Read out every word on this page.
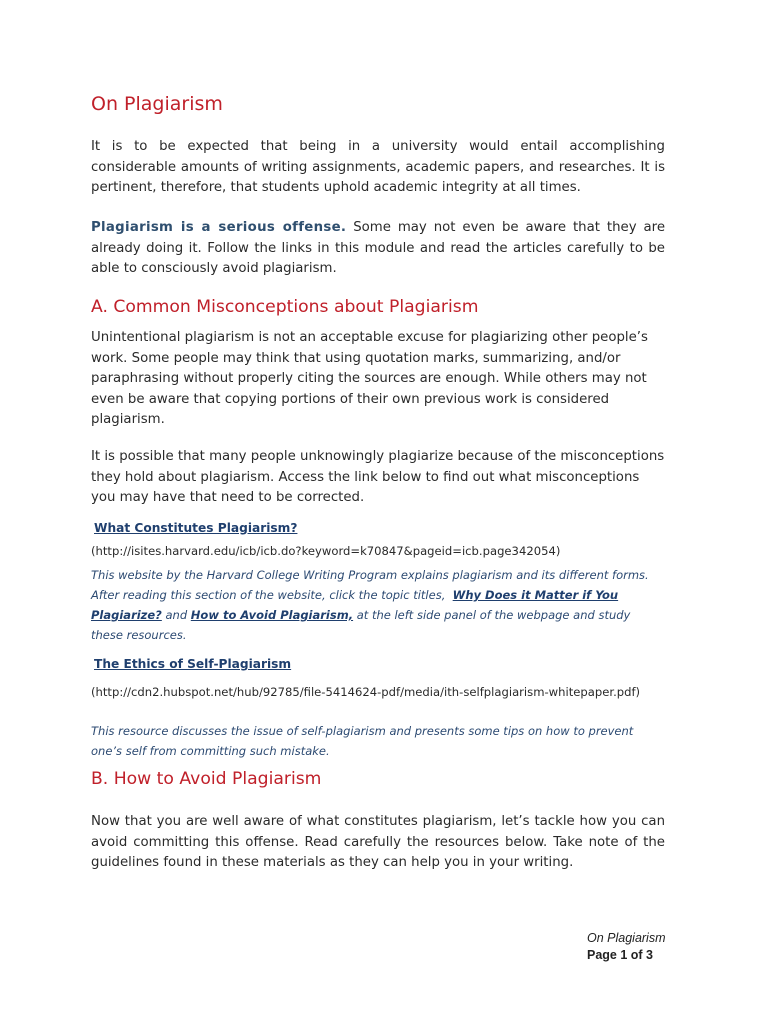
On Plagiarism

It is to be expected that being in a university would entail accomplishing considerable amounts of writing assignments, academic papers, and researches. It is pertinent, therefore, that students uphold academic integrity at all times.

Plagiarism is a serious offense. Some may not even be aware that they are already doing it. Follow the links in this module and read the articles carefully to be able to consciously avoid plagiarism.

A. Common Misconceptions about Plagiarism

Unintentional plagiarism is not an acceptable excuse for plagiarizing other people’s work. Some people may think that using quotation marks, summarizing, and/or paraphrasing without properly citing the sources are enough. While others may not even be aware that copying portions of their own previous work is considered plagiarism.

It is possible that many people unknowingly plagiarize because of the misconceptions they hold about plagiarism. Access the link below to find out what misconceptions you may have that need to be corrected.

What Constitutes Plagiarism?

(http://isites.harvard.edu/icb/icb.do?keyword=k70847&pageid=icb.page342054)

This website by the Harvard College Writing Program explains plagiarism and its different forms. After reading this section of the website, click the topic titles, Why Does it Matter if You Plagiarize? and How to Avoid Plagiarism, at the left side panel of the webpage and study these resources.

The Ethics of Self-Plagiarism

(http://cdn2.hubspot.net/hub/92785/file-5414624-pdf/media/ith-selfplagiarism-whitepaper.pdf)

This resource discusses the issue of self-plagiarism and presents some tips on how to prevent one’s self from committing such mistake.

B. How to Avoid Plagiarism

Now that you are well aware of what constitutes plagiarism, let’s tackle how you can avoid committing this offense. Read carefully the resources below. Take note of the guidelines found in these materials as they can help you in your writing.

On Plagiarism

Page 1 of 3
